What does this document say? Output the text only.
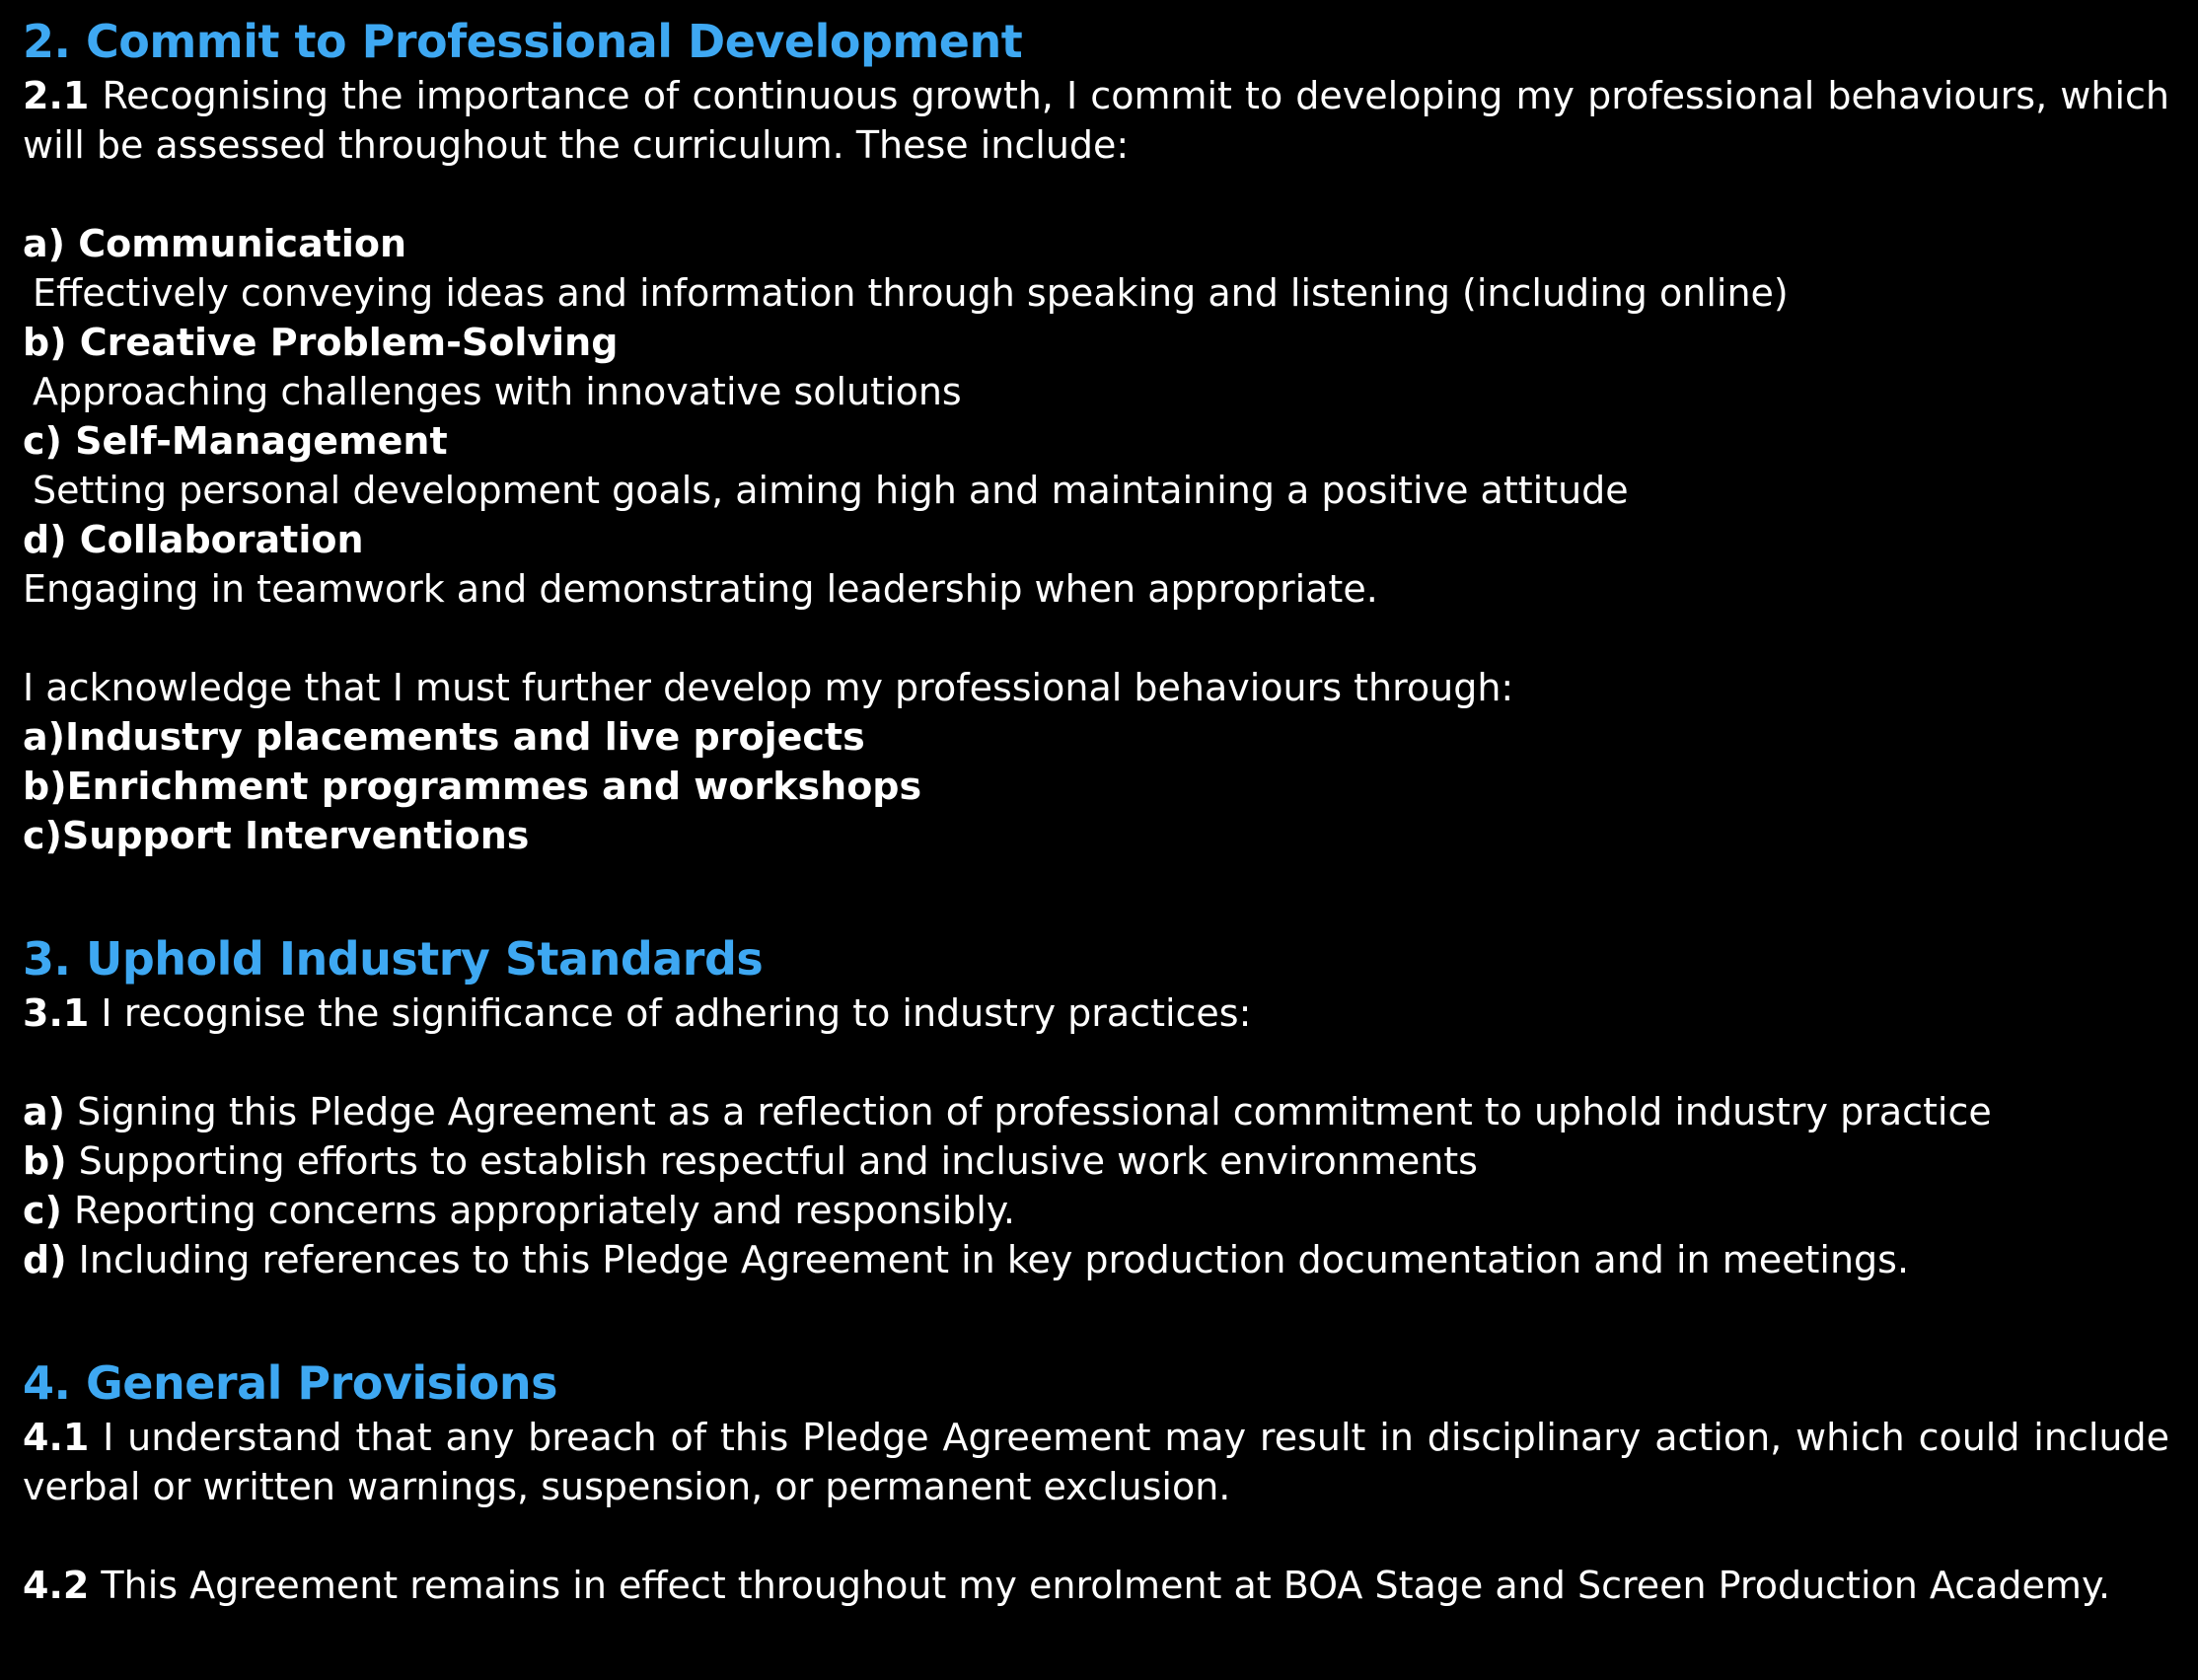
2. Commit to Professional Development

2.1 Recognising the importance of continuous growth, I commit to developing my professional behaviours, which will be assessed throughout the curriculum. These include:

a) Communication

Effectively conveying ideas and information through speaking and listening (including online)

b) Creative Problem-Solving

Approaching challenges with innovative solutions

c) Self-Management

Setting personal development goals, aiming high and maintaining a positive attitude

d) Collaboration

Engaging in teamwork and demonstrating leadership when appropriate.

I acknowledge that I must further develop my professional behaviours through:

a)Industry placements and live projects

b)Enrichment programmes and workshops

c)Support Interventions

3. Uphold Industry Standards

3.1 I recognise the significance of adhering to industry practices:

a) Signing this Pledge Agreement as a reflection of professional commitment to uphold industry practice

b) Supporting efforts to establish respectful and inclusive work environments

c) Reporting concerns appropriately and responsibly.

d) Including references to this Pledge Agreement in key production documentation and in meetings.

4. General Provisions

4.1 I understand that any breach of this Pledge Agreement may result in disciplinary action, which could include verbal or written warnings, suspension, or permanent exclusion.

4.2 This Agreement remains in effect throughout my enrolment at BOA Stage and Screen Production Academy.
